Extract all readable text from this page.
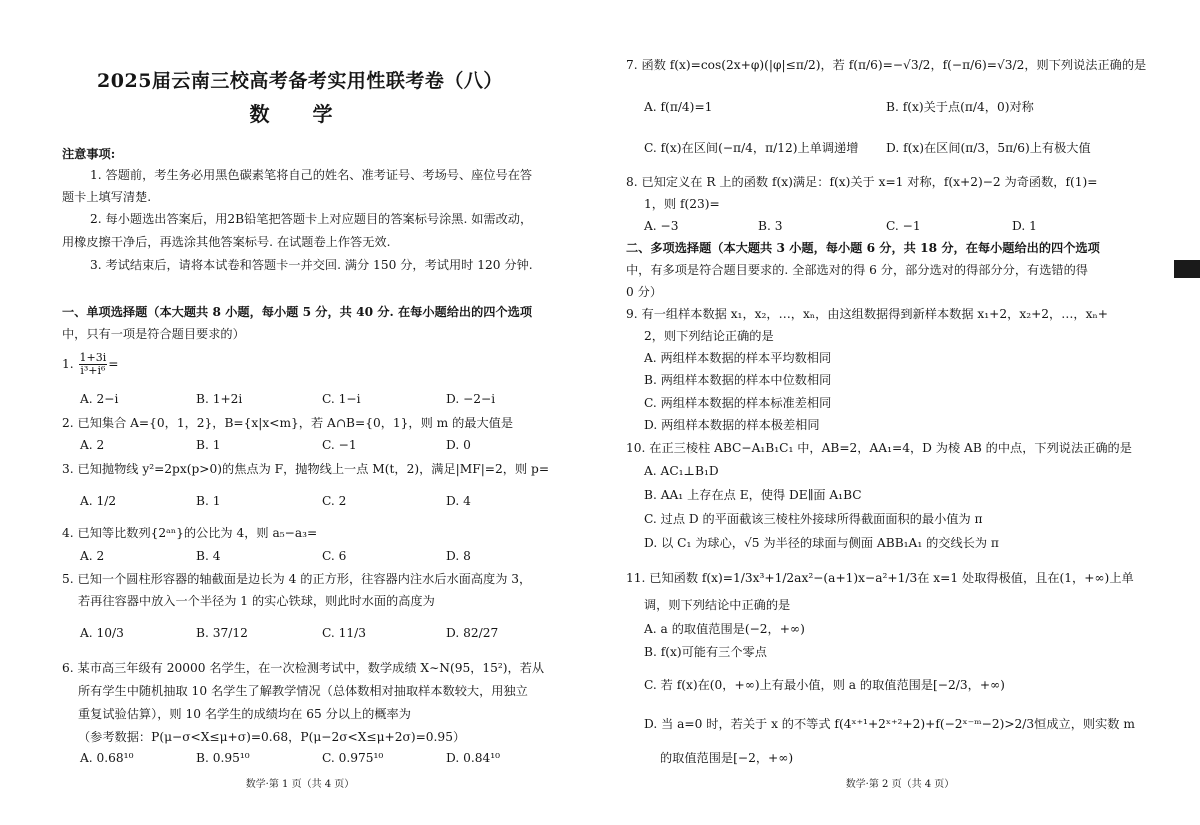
2025届云南三校高考备考实用性联考卷（八）
数 学
注意事项:
1. 答题前，考生务必用黑色碳素笔将自己的姓名、准考证号、考场号、座位号在答
题卡上填写清楚.
2. 每小题选出答案后，用2B铅笔把答题卡上对应题目的答案标号涂黑. 如需改动，
用橡皮擦干净后，再选涂其他答案标号. 在试题卷上作答无效.
3. 考试结束后，请将本试卷和答题卡一并交回. 满分 150 分，考试用时 120 分钟.
一、单项选择题（本大题共 8 小题，每小题 5 分，共 40 分. 在每小题给出的四个选项
中，只有一项是符合题目要求的）
1. $\frac{1+3i}{\text{i³+i⁶}}$ =
A. 2−i	B. 1+2i	C. 1−i	D. −2−i
2. 已知集合 A={0，1，2}，B={x|x<m}，若 A∩B={0，1}，则 m 的最大值是
A. 2	B. 1	C. −1	D. 0
3. 已知抛物线 y²=2px(p>0)的焦点为 F，抛物线上一点 M(t，2)，满足|MF|=2，则 p=
A. 1/2	B. 1	C. 2	D. 4
4. 已知等比数列{2ᵃⁿ}的公比为 4，则 a₅−a₃=
A. 2	B. 4	C. 6	D. 8
5. 已知一个圆柱形容器的轴截面是边长为 4 的正方形，往容器内注水后水面高度为 3，
若再往容器中放入一个半径为 1 的实心铁球，则此时水面的高度为
A. 10/3	B. 37/12	C. 11/3	D. 82/27
6. 某市高三年级有 20000 名学生，在一次检测考试中，数学成绩 X∼N(95，15²)，若从
所有学生中随机抽取 10 名学生了解教学情况（总体数相对抽取样本数较大，用独立
重复试验估算），则 10 名学生的成绩均在 65 分以上的概率为
（参考数据：P(μ−σ<X≤μ+σ)=0.68，P(μ−2σ<X≤μ+2σ)=0.95）
A. 0.68¹⁰	B. 0.95¹⁰	C. 0.975¹⁰	D. 0.84¹⁰
数学·第 1 页（共 4 页）
7. 函数 f(x)=cos(2x+φ)(|φ|≤π/2)，若 f(π/6)=−√3/2，f(−π/6)=√3/2，则下列说法正确的是
A. f(π/4)=1	B. f(x)关于点(π/4，0)对称
C. f(x)在区间(−π/4，π/12)上单调递增 D. f(x)在区间(π/3，5π/6)上有极大值
8. 已知定义在 R 上的函数 f(x)满足：f(x)关于 x=1 对称，f(x+2)−2 为奇函数，f(1)=
1，则 f(23)=
A. −3	B. 3	C. −1	D. 1
二、多项选择题（本大题共 3 小题，每小题 6 分，共 18 分，在每小题给出的四个选项
中，有多项是符合题目要求的. 全部选对的得 6 分，部分选对的得部分分，有选错的得
0 分）
9. 有一组样本数据 x₁，x₂，…，xₙ，由这组数据得到新样本数据 x₁+2，x₂+2，…，xₙ+
2，则下列结论正确的是
A. 两组样本数据的样本平均数相同
B. 两组样本数据的样本中位数相同
C. 两组样本数据的样本标准差相同
D. 两组样本数据的样本极差相同
10. 在正三棱柱 ABC−A₁B₁C₁ 中，AB=2，AA₁=4，D 为棱 AB 的中点，下列说法正确的是
A. AC₁⊥B₁D
B. AA₁ 上存在点 E，使得 DE∥面 A₁BC
C. 过点 D 的平面截该三棱柱外接球所得截面面积的最小值为 π
D. 以 C₁ 为球心，√5 为半径的球面与侧面 ABB₁A₁ 的交线长为 π
11. 已知函数 f(x)=1/3x³+1/2ax²−(a+1)x−a²+1/3在 x=1 处取得极值，且在(1，+∞)上单
调，则下列结论中正确的是
A. a 的取值范围是(−2，+∞)
B. f(x)可能有三个零点
C. 若 f(x)在(0，+∞)上有最小值，则 a 的取值范围是[−2/3，+∞)
D. 当 a=0 时，若关于 x 的不等式 f(4ˣ⁺¹+2ˣ⁺²+2)+f(−2ˣ⁻ᵐ−2)>2/3恒成立，则实数 m
的取值范围是[−2，+∞)
数学·第 2 页（共 4 页）
